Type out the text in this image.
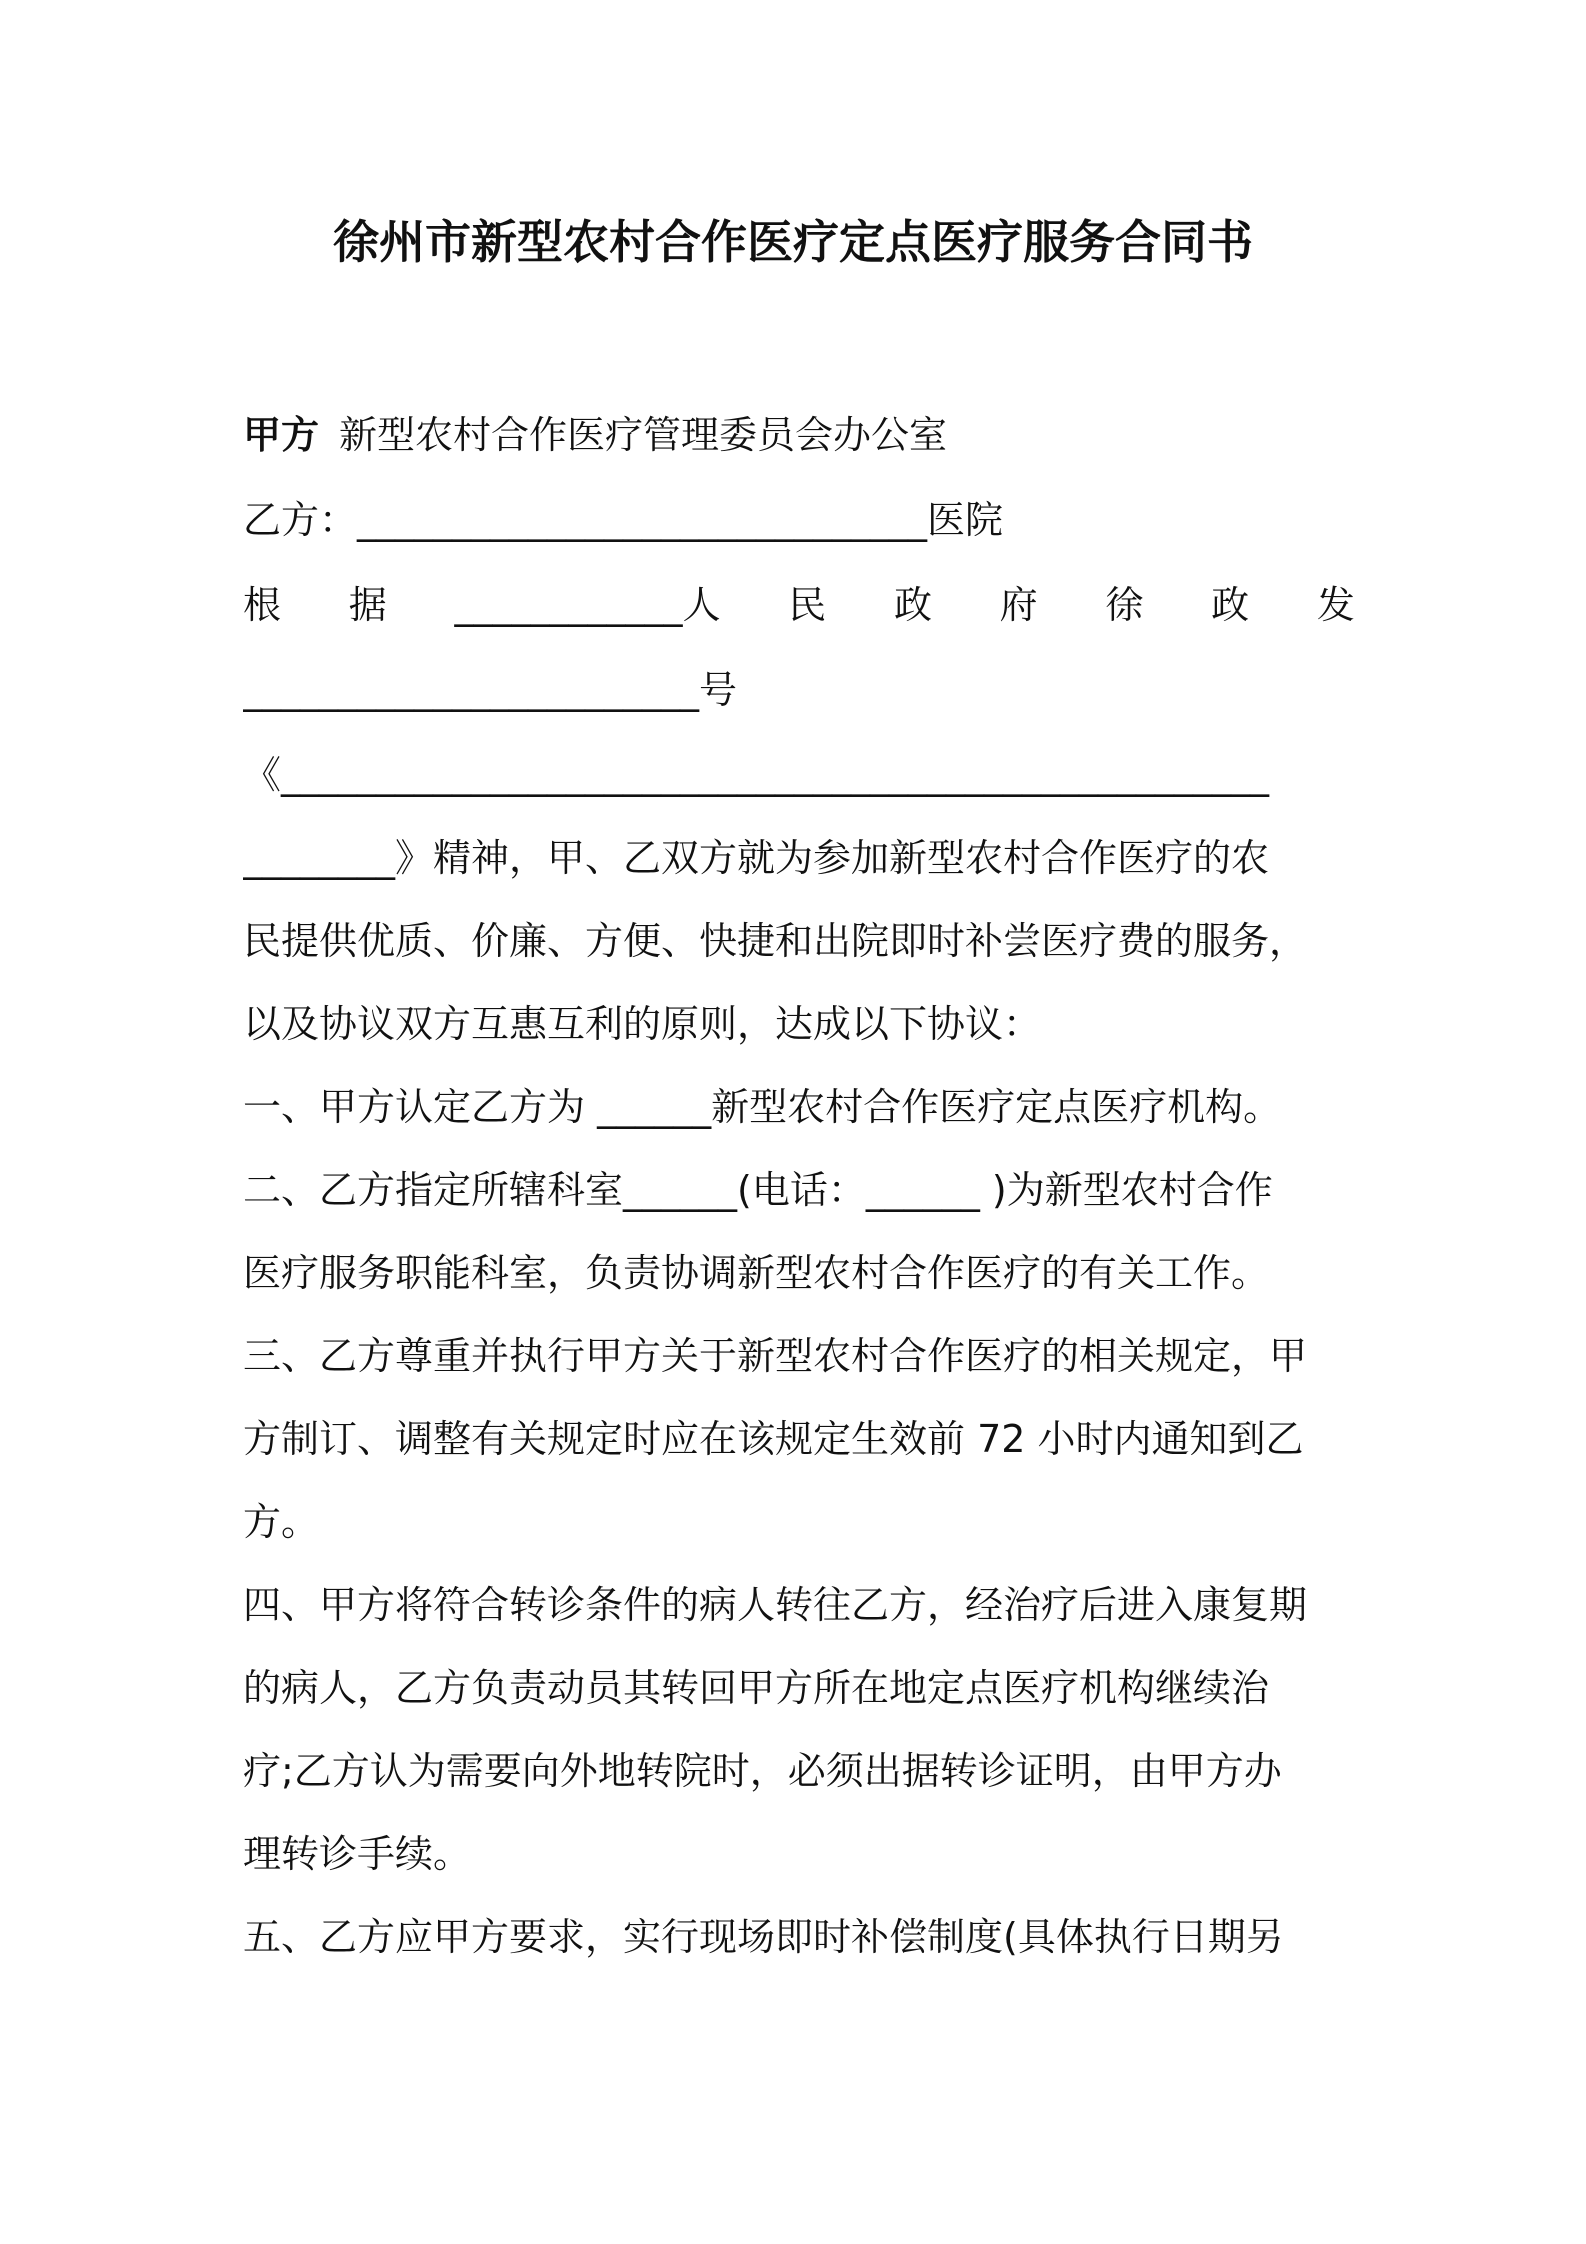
徐州市新型农村合作医疗定点医疗服务合同书
甲方 新型农村合作医疗管理委员会办公室
乙方：______________________________医院
根 据 ____________人 民 政 府 徐 政 发
________________________号
《____________________________________________________
________》精神，甲、乙双方就为参加新型农村合作医疗的农
民提供优质、价廉、方便、快捷和出院即时补尝医疗费的服务，
以及协议双方互惠互利的原则，达成以下协议：
一、甲方认定乙方为 ______新型农村合作医疗定点医疗机构。
二、乙方指定所辖科室______(电话：______ )为新型农村合作
医疗服务职能科室，负责协调新型农村合作医疗的有关工作。
三、乙方尊重并执行甲方关于新型农村合作医疗的相关规定，甲
方制订、调整有关规定时应在该规定生效前 72 小时内通知到乙
方。
四、甲方将符合转诊条件的病人转往乙方，经治疗后进入康复期
的病人，乙方负责动员其转回甲方所在地定点医疗机构继续治
疗;乙方认为需要向外地转院时，必须出据转诊证明，由甲方办
理转诊手续。
五、乙方应甲方要求，实行现场即时补偿制度(具体执行日期另
